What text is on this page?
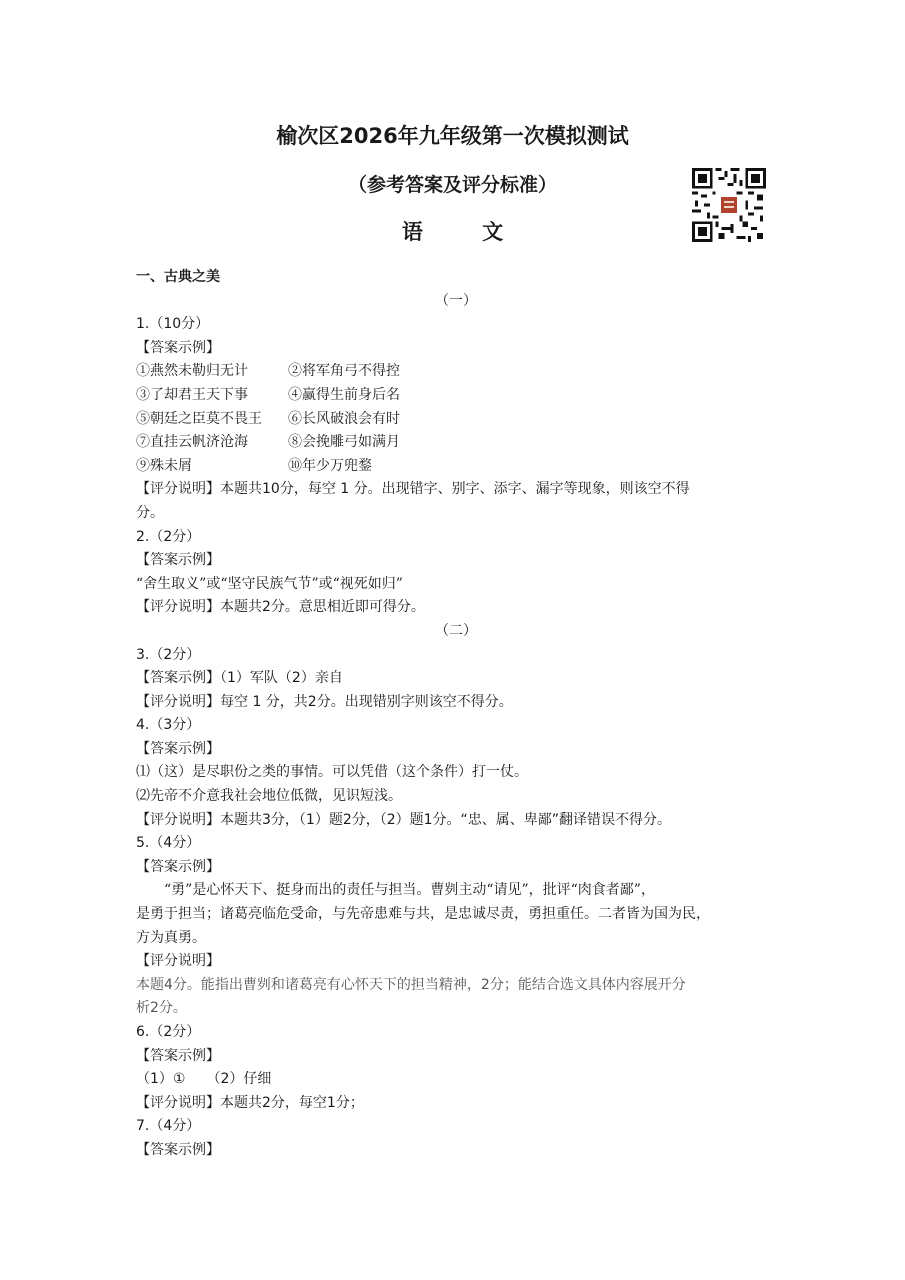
榆次区2026年九年级第一次模拟测试
（参考答案及评分标准）
语 文
一、古典之美
（一）
1.（10分）
【答案示例】
①燕然未勒归无计	②将军角弓不得控
③了却君王天下事	④赢得生前身后名
⑤朝廷之臣莫不畏王 ⑥长风破浪会有时
⑦直挂云帆济沧海	⑧会挽雕弓如满月
⑨殊未屑	⑩年少万兜鍪
【评分说明】本题共10分，每空 1 分。出现错字、别字、添字、漏字等现象，则该空不得
分。
2.（2分）
【答案示例】
“舍生取义”或“坚守民族气节”或“视死如归”
【评分说明】本题共2分。意思相近即可得分。
（二）
3.（2分）
【答案示例】（1）军队（2）亲自
【评分说明】每空 1 分，共2分。出现错别字则该空不得分。
4.（3分）
【答案示例】
⑴（这）是尽职份之类的事情。可以凭借（这个条件）打一仗。
⑵先帝不介意我社会地位低微，见识短浅。
【评分说明】本题共3分，（1）题2分，（2）题1分。“忠、属、卑鄙”翻译错误不得分。
5.（4分）
【答案示例】
“勇”是心怀天下、挺身而出的责任与担当。曹刿主动“请见”，批评“肉食者鄙”，
是勇于担当；诸葛亮临危受命，与先帝患难与共，是忠诚尽责，勇担重任。二者皆为国为民，
方为真勇。
【评分说明】
本题4分。能指出曹刿和诸葛亮有心怀天下的担当精神，2分；能结合选文具体内容展开分
析2分。
6.（2分）
【答案示例】
（1）①　　（2）仔细
【评分说明】本题共2分，每空1分；
7.（4分）
【答案示例】
